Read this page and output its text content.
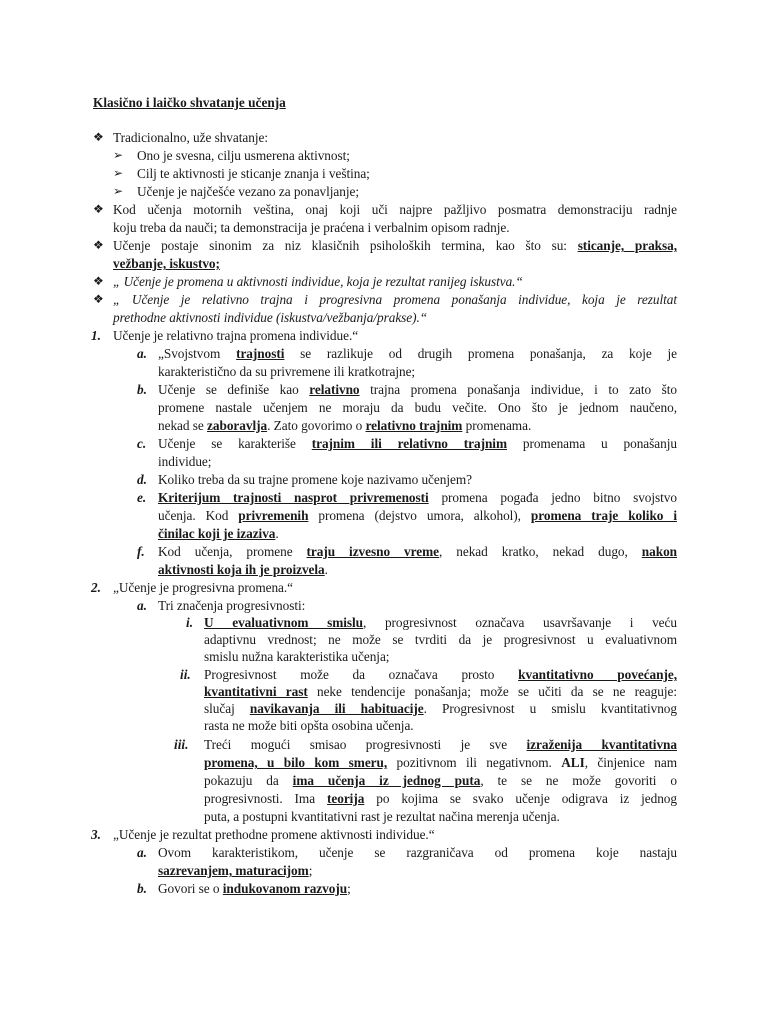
Klasično i laičko shvatanje učenja
❖ Tradicionalno, uže shvatanje:
➢ Ono je svesna, cilju usmerena aktivnost;
➢ Cilj te aktivnosti je sticanje znanja i veština;
➢ Učenje je najčešće vezano za ponavljanje;
❖ Kod učenja motornih veština, onaj koji uči najpre pažljivo posmatra demonstraciju radnje
koju treba da nauči; ta demonstracija je praćena i verbalnim opisom radnje.
❖ Učenje postaje sinonim za niz klasičnih psiholoških termina, kao što su: sticanje, praksa,
vežbanje, iskustvo;
❖ „ Učenje je promena u aktivnosti individue, koja je rezultat ranijeg iskustva.“
❖ „ Učenje je relativno trajna i progresivna promena ponašanja individue, koja je rezultat
prethodne aktivnosti individue (iskustva/vežbanja/prakse).“
1. Učenje je relativno trajna promena individue.“
a. „Svojstvom trajnosti se razlikuje od drugih promena ponašanja, za koje je
karakteristično da su privremene ili kratkotrajne;
b. Učenje se definiše kao relativno trajna promena ponašanja individue, i to zato što
promene nastale učenjem ne moraju da budu večite. Ono što je jednom naučeno,
nekad se zaboravlja. Zato govorimo o relativno trajnim promenama.
c. Učenje se karakteriše trajnim ili relativno trajnim promenama u ponašanju
individue;
d. Koliko treba da su trajne promene koje nazivamo učenjem?
e. Kriterijum trajnosti nasprot privremenosti promena pogađa jedno bitno svojstvo
učenja. Kod privremenih promena (dejstvo umora, alkohol), promena traje koliko i
činilac koji je izaziva.
f. Kod učenja, promene traju izvesno vreme, nekad kratko, nekad dugo, nakon
aktivnosti koja ih je proizvela.
2. „Učenje je progresivna promena.“
a. Tri značenja progresivnosti:
i. U evaluativnom smislu, progresivnost označava usavršavanje i veću
adaptivnu vrednost; ne može se tvrditi da je progresivnost u evaluativnom
smislu nužna karakteristika učenja;
ii. Progresivnost može da označava prosto kvantitativno povećanje,
kvantitativni rast neke tendencije ponašanja; može se učiti da se ne reaguje:
slučaj navikavanja ili habituacije. Progresivnost u smislu kvantitativnog
rasta ne može biti opšta osobina učenja.
iii. Treći mogući smisao progresivnosti je sve izraženija kvantitativna
promena, u bilo kom smeru, pozitivnom ili negativnom. ALI, činjenice nam
pokazuju da ima učenja iz jednog puta, te se ne može govoriti o
progresivnosti. Ima teorija po kojima se svako učenje odigrava iz jednog
puta, a postupni kvantitativni rast je rezultat načina merenja učenja.
3. „Učenje je rezultat prethodne promene aktivnosti individue.“
a. Ovom karakteristikom, učenje se razgraničava od promena koje nastaju
sazrevanjem, maturacijom;
b. Govori se o indukovanom razvoju;
